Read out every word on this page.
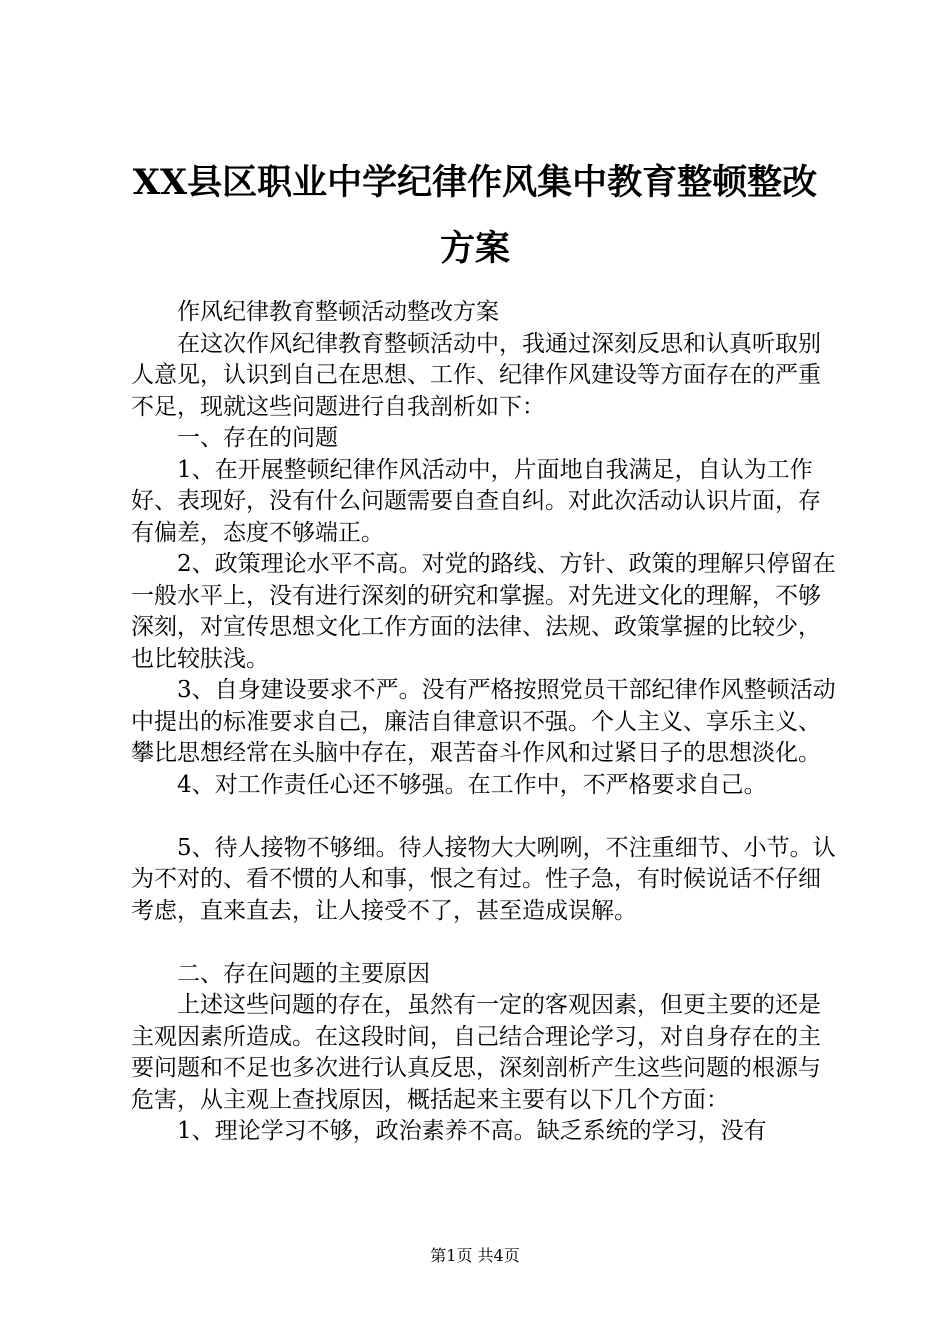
XX县区职业中学纪律作风集中教育整顿整改
方案

作风纪律教育整顿活动整改方案

在这次作风纪律教育整顿活动中，我通过深刻反思和认真听取别人意见，认识到自己在思想、工作、纪律作风建设等方面存在的严重不足，现就这些问题进行自我剖析如下：

一、存在的问题

1、在开展整顿纪律作风活动中，片面地自我满足，自认为工作好、表现好，没有什么问题需要自查自纠。对此次活动认识片面，存有偏差，态度不够端正。

2、政策理论水平不高。对党的路线、方针、政策的理解只停留在一般水平上，没有进行深刻的研究和掌握。对先进文化的理解，不够深刻，对宣传思想文化工作方面的法律、法规、政策掌握的比较少，也比较肤浅。

3、自身建设要求不严。没有严格按照党员干部纪律作风整顿活动中提出的标准要求自己，廉洁自律意识不强。个人主义、享乐主义、攀比思想经常在头脑中存在，艰苦奋斗作风和过紧日子的思想淡化。

4、对工作责任心还不够强。在工作中，不严格要求自己。

5、待人接物不够细。待人接物大大咧咧，不注重细节、小节。认为不对的、看不惯的人和事，恨之有过。性子急，有时候说话不仔细考虑，直来直去，让人接受不了，甚至造成误解。

二、存在问题的主要原因

上述这些问题的存在，虽然有一定的客观因素，但更主要的还是主观因素所造成。在这段时间，自己结合理论学习，对自身存在的主要问题和不足也多次进行认真反思，深刻剖析产生这些问题的根源与危害，从主观上查找原因，概括起来主要有以下几个方面：

1、理论学习不够，政治素养不高。缺乏系统的学习，没有

第1页 共4页
